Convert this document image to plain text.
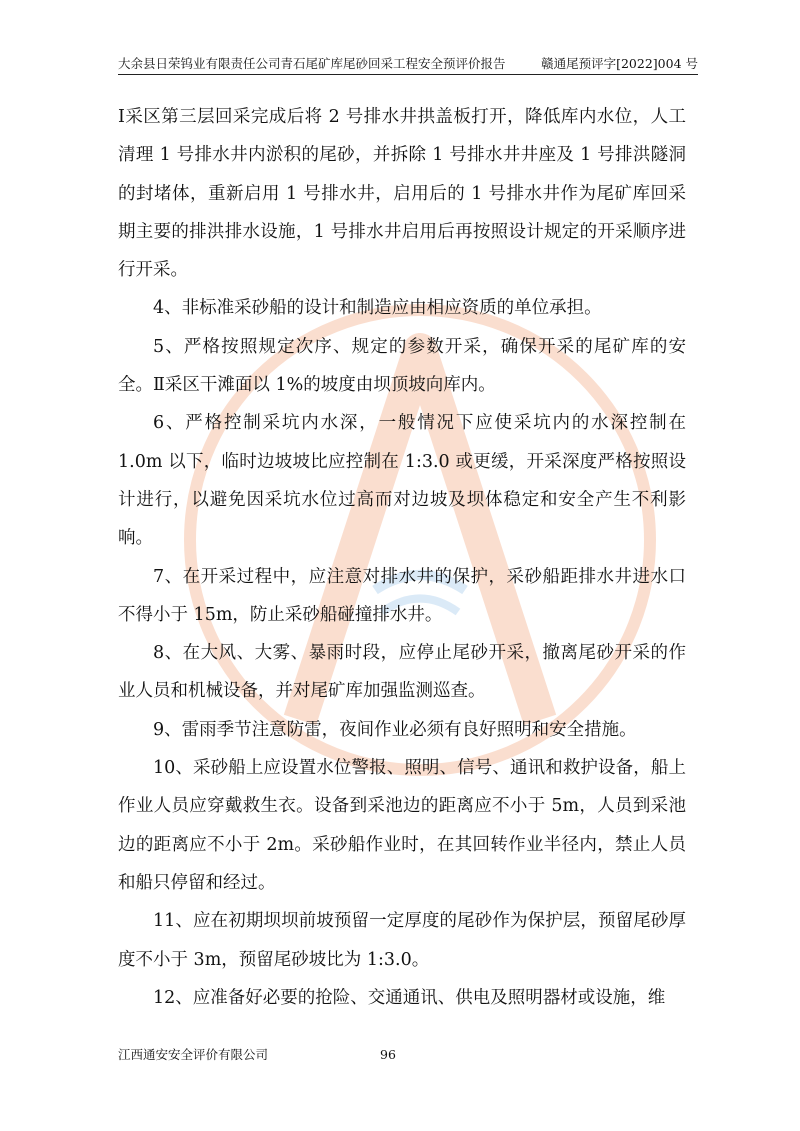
大余县日荣钨业有限责任公司青石尾矿库尾砂回采工程安全预评价报告	赣通尾预评字[2022]004 号

Ⅰ采区第三层回采完成后将 2 号排水井拱盖板打开，降低库内水位，人工清理 1 号排水井内淤积的尾砂，并拆除 1 号排水井井座及 1 号排洪隧洞的封堵体，重新启用 1 号排水井，启用后的 1 号排水井作为尾矿库回采期主要的排洪排水设施，1 号排水井启用后再按照设计规定的开采顺序进行开采。

4、非标准采砂船的设计和制造应由相应资质的单位承担。

5、严格按照规定次序、规定的参数开采，确保开采的尾矿库的安全。Ⅱ采区干滩面以 1%的坡度由坝顶坡向库内。

6、严格控制采坑内水深，一般情况下应使采坑内的水深控制在 1.0m 以下，临时边坡坡比应控制在 1:3.0 或更缓，开采深度严格按照设计进行，以避免因采坑水位过高而对边坡及坝体稳定和安全产生不利影响。

7、在开采过程中，应注意对排水井的保护，采砂船距排水井进水口不得小于 15m，防止采砂船碰撞排水井。

8、在大风、大雾、暴雨时段，应停止尾砂开采，撤离尾砂开采的作业人员和机械设备，并对尾矿库加强监测巡查。

9、雷雨季节注意防雷，夜间作业必须有良好照明和安全措施。

10、采砂船上应设置水位警报、照明、信号、通讯和救护设备，船上作业人员应穿戴救生衣。设备到采池边的距离应不小于 5m，人员到采池边的距离应不小于 2m。采砂船作业时，在其回转作业半径内，禁止人员和船只停留和经过。

11、应在初期坝坝前坡预留一定厚度的尾砂作为保护层，预留尾砂厚度不小于 3m，预留尾砂坡比为 1:3.0。

12、应准备好必要的抢险、交通通讯、供电及照明器材或设施，维

江西通安安全评价有限公司	96
